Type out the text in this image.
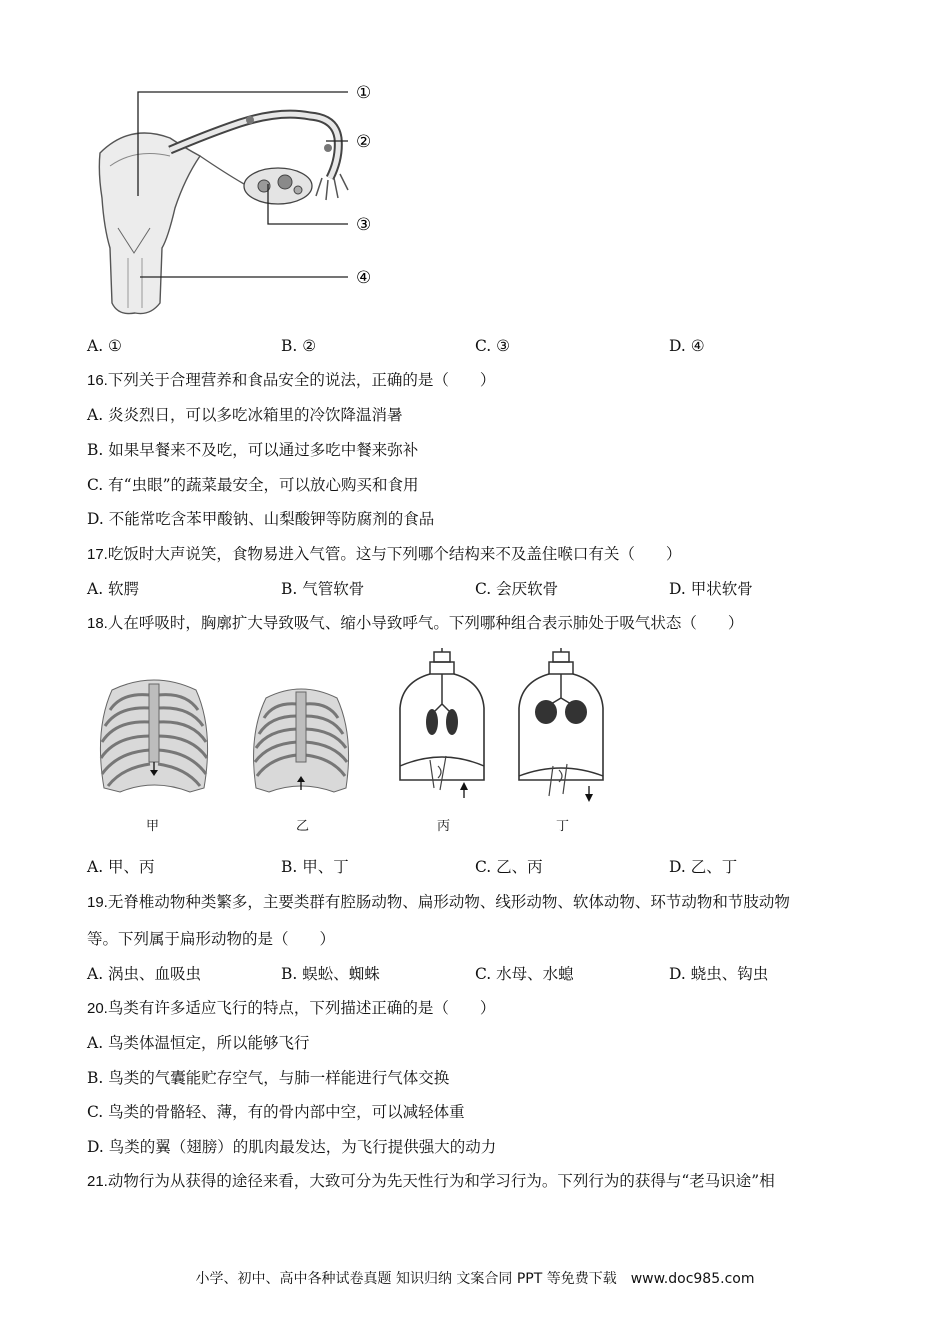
①
②
③
④
A. ①	B. ②	C. ③	D. ④
16.下列关于合理营养和食品安全的说法，正确的是（　　）
A. 炎炎烈日，可以多吃冰箱里的冷饮降温消暑
B. 如果早餐来不及吃，可以通过多吃中餐来弥补
C. 有“虫眼”的蔬菜最安全，可以放心购买和食用
D. 不能常吃含苯甲酸钠、山梨酸钾等防腐剂的食品
17.吃饭时大声说笑，食物易进入气管。这与下列哪个结构来不及盖住喉口有关（　　）
A. 软腭	B. 气管软骨	C. 会厌软骨	D. 甲状软骨
18.人在呼吸时，胸廓扩大导致吸气、缩小导致呼气。下列哪种组合表示肺处于吸气状态（　　）
甲	乙	丙	丁
A. 甲、丙	B. 甲、丁	C. 乙、丙	D. 乙、丁
19.无脊椎动物种类繁多，主要类群有腔肠动物、扁形动物、线形动物、软体动物、环节动物和节肢动物
等。下列属于扁形动物的是（　　）
A. 涡虫、血吸虫	B. 蜈蚣、蜘蛛	C. 水母、水螅	D. 蛲虫、钩虫
20.鸟类有许多适应飞行的特点，下列描述正确的是（　　）
A. 鸟类体温恒定，所以能够飞行
B. 鸟类的气囊能贮存空气，与肺一样能进行气体交换
C. 鸟类的骨骼轻、薄，有的骨内部中空，可以减轻体重
D. 鸟类的翼（翅膀）的肌肉最发达，为飞行提供强大的动力
21.动物行为从获得的途径来看，大致可分为先天性行为和学习行为。下列行为的获得与“老马识途”相
小学、初中、高中各种试卷真题 知识归纳 文案合同 PPT 等免费下载　www.doc985.com
